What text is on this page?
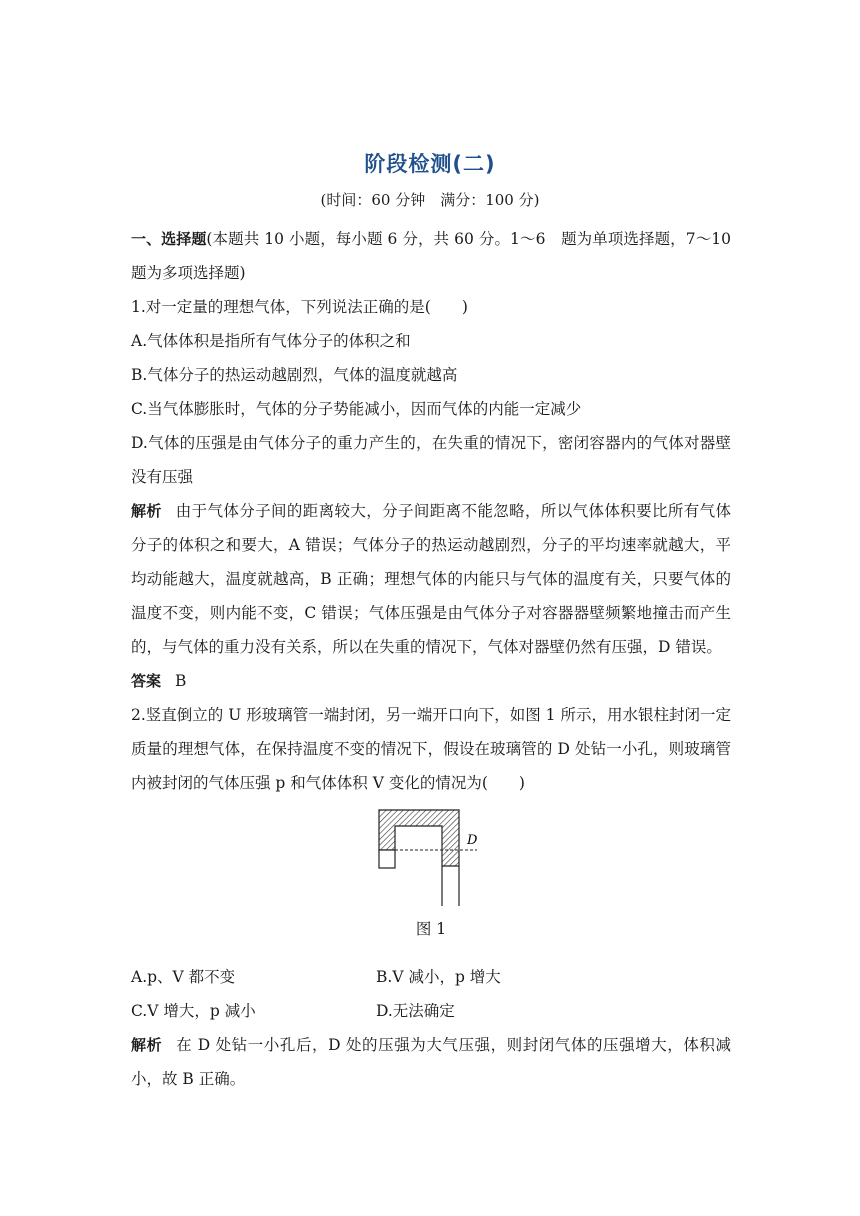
阶段检测(二)
(时间：60 分钟　满分：100 分)

一、选择题(本题共 10 小题，每小题 6 分，共 60 分。1～6　题为单项选择题，7～10 题为多项选择题)

1.对一定量的理想气体，下列说法正确的是(　　)

A.气体体积是指所有气体分子的体积之和

B.气体分子的热运动越剧烈，气体的温度就越高

C.当气体膨胀时，气体的分子势能减小，因而气体的内能一定减少

D.气体的压强是由气体分子的重力产生的，在失重的情况下，密闭容器内的气体对器壁没有压强

解析 由于气体分子间的距离较大，分子间距离不能忽略，所以气体体积要比所有气体分子的体积之和要大，A 错误；气体分子的热运动越剧烈，分子的平均速率就越大，平均动能越大，温度就越高，B 正确；理想气体的内能只与气体的温度有关，只要气体的温度不变，则内能不变，C 错误；气体压强是由气体分子对容器器壁频繁地撞击而产生的，与气体的重力没有关系，所以在失重的情况下，气体对器壁仍然有压强，D 错误。

答案 B

2.竖直倒立的 U 形玻璃管一端封闭，另一端开口向下，如图 1 所示，用水银柱封闭一定质量的理想气体，在保持温度不变的情况下，假设在玻璃管的 D 处钻一小孔，则玻璃管内被封闭的气体压强 p 和气体体积 V 变化的情况为(　　)

D
图 1
A.p、V 都不变	B.V 减小，p 增大
C.V 增大，p 减小	D.无法确定

解析 在 D 处钻一小孔后，D 处的压强为大气压强，则封闭气体的压强增大，体积减小，故 B 正确。
